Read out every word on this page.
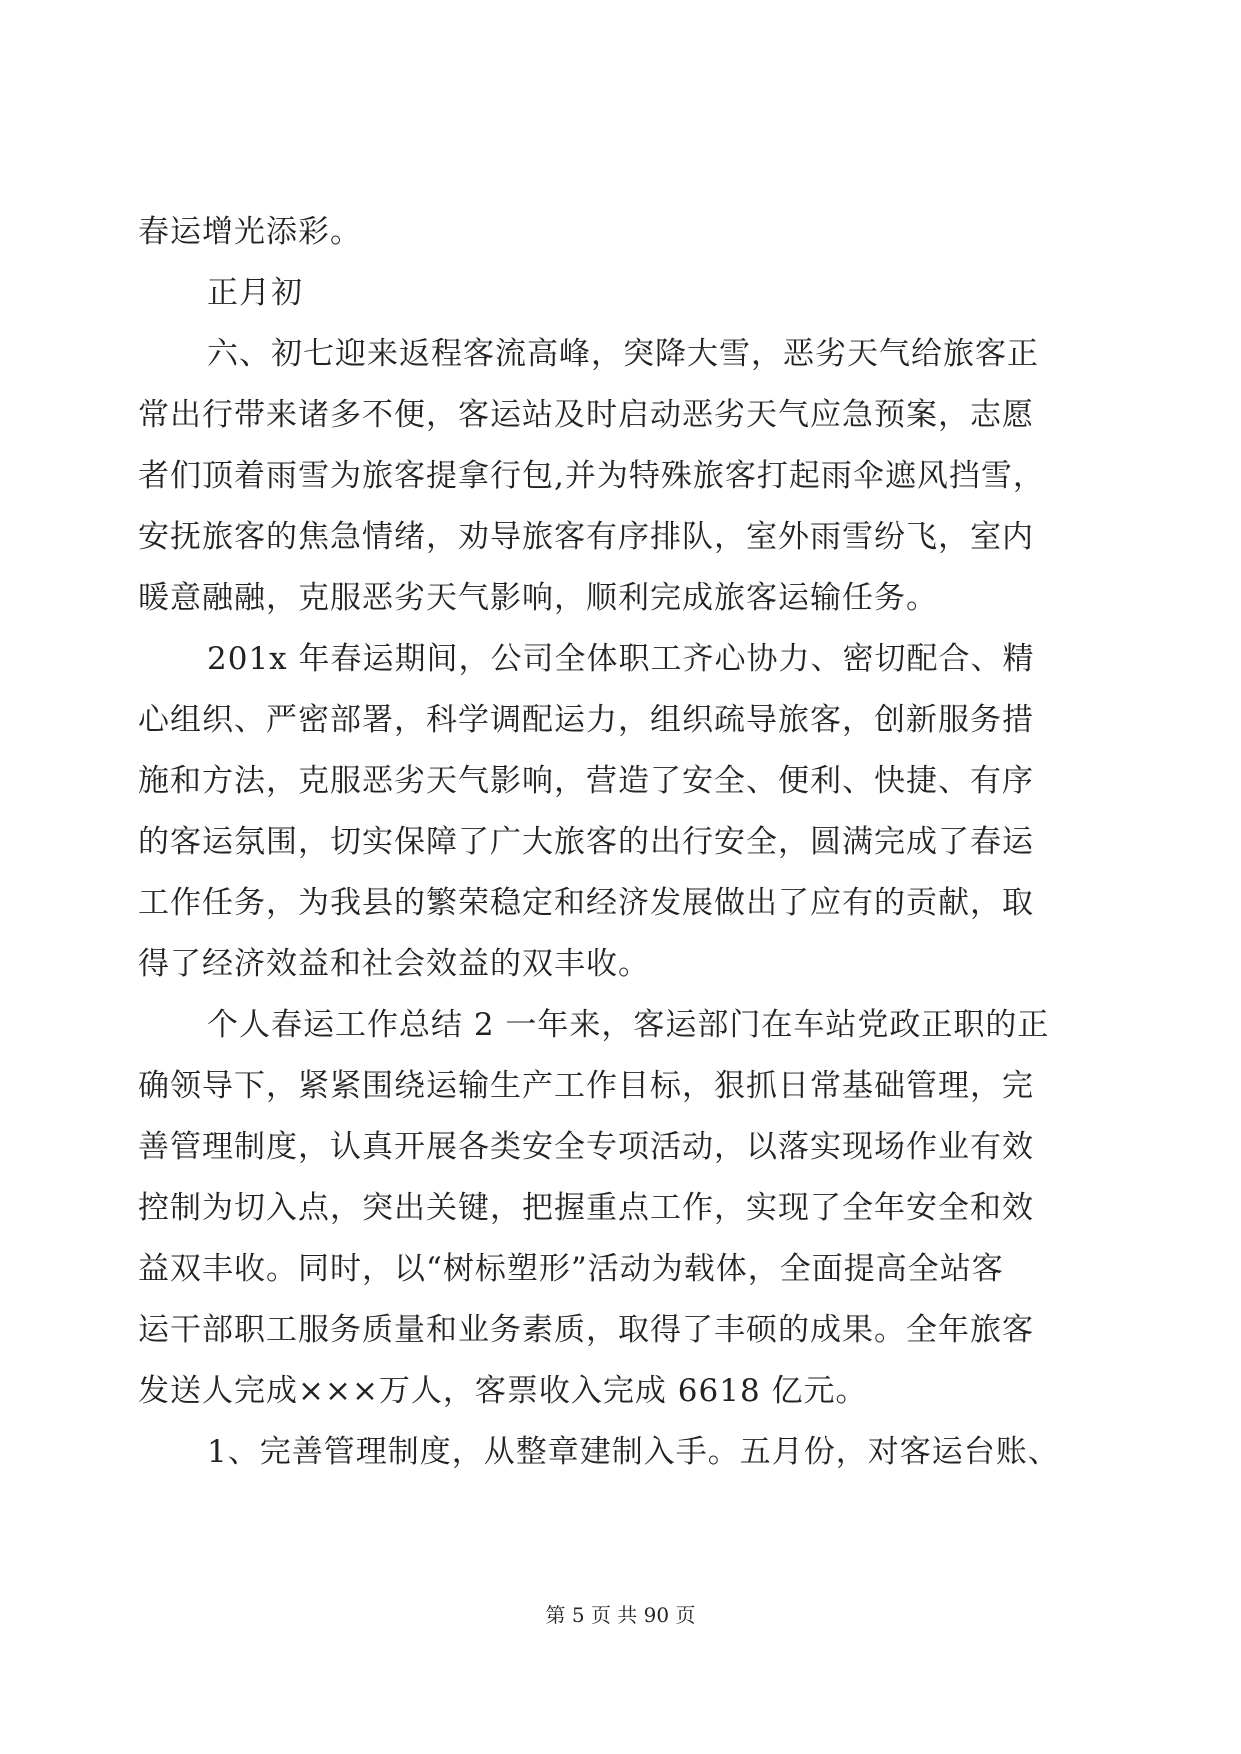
春运增光添彩。
正月初
六、初七迎来返程客流高峰，突降大雪，恶劣天气给旅客正
常出行带来诸多不便，客运站及时启动恶劣天气应急预案，志愿
者们顶着雨雪为旅客提拿行包,并为特殊旅客打起雨伞遮风挡雪，
安抚旅客的焦急情绪，劝导旅客有序排队，室外雨雪纷飞，室内
暖意融融，克服恶劣天气影响，顺利完成旅客运输任务。
201x 年春运期间，公司全体职工齐心协力、密切配合、精
心组织、严密部署，科学调配运力，组织疏导旅客，创新服务措
施和方法，克服恶劣天气影响，营造了安全、便利、快捷、有序
的客运氛围，切实保障了广大旅客的出行安全，圆满完成了春运
工作任务，为我县的繁荣稳定和经济发展做出了应有的贡献，取
得了经济效益和社会效益的双丰收。
个人春运工作总结 2 一年来，客运部门在车站党政正职的正
确领导下，紧紧围绕运输生产工作目标，狠抓日常基础管理，完
善管理制度，认真开展各类安全专项活动，以落实现场作业有效
控制为切入点，突出关键，把握重点工作，实现了全年安全和效
益双丰收。同时，以“树标塑形”活动为载体，全面提高全站客
运干部职工服务质量和业务素质，取得了丰硕的成果。全年旅客
发送人完成×××万人，客票收入完成 6618 亿元。
1、完善管理制度，从整章建制入手。五月份，对客运台账、
第 5 页 共 90 页
